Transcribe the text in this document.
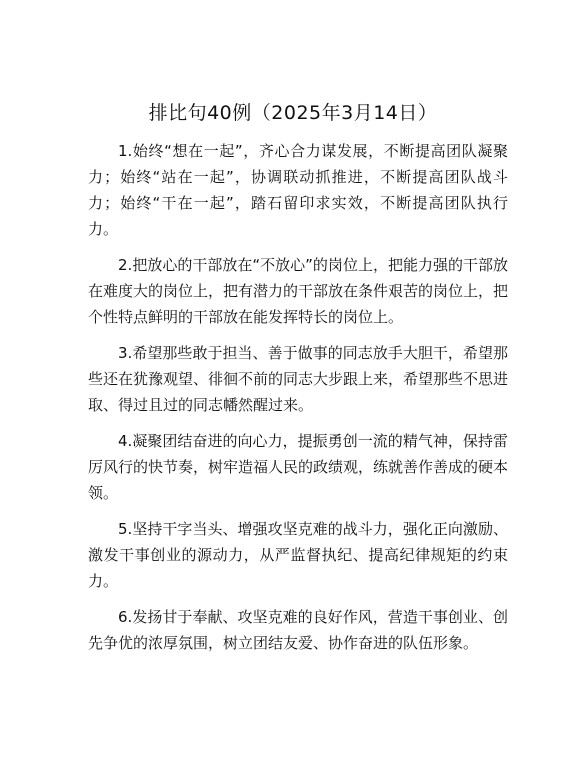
排比句40例（2025年3月14日）

1.始终“想在一起”，齐心合力谋发展，不断提高团队凝聚力；始终“站在一起”，协调联动抓推进，不断提高团队战斗力；始终“干在一起”，踏石留印求实效，不断提高团队执行力。

2.把放心的干部放在“不放心”的岗位上，把能力强的干部放在难度大的岗位上，把有潜力的干部放在条件艰苦的岗位上，把个性特点鲜明的干部放在能发挥特长的岗位上。

3.希望那些敢于担当、善于做事的同志放手大胆干，希望那些还在犹豫观望、徘徊不前的同志大步跟上来，希望那些不思进取、得过且过的同志幡然醒过来。

4.凝聚团结奋进的向心力，提振勇创一流的精气神，保持雷厉风行的快节奏，树牢造福人民的政绩观，练就善作善成的硬本领。

5.坚持干字当头、增强攻坚克难的战斗力，强化正向激励、激发干事创业的源动力，从严监督执纪、提高纪律规矩的约束力。

6.发扬甘于奉献、攻坚克难的良好作风，营造干事创业、创先争优的浓厚氛围，树立团结友爱、协作奋进的队伍形象。
